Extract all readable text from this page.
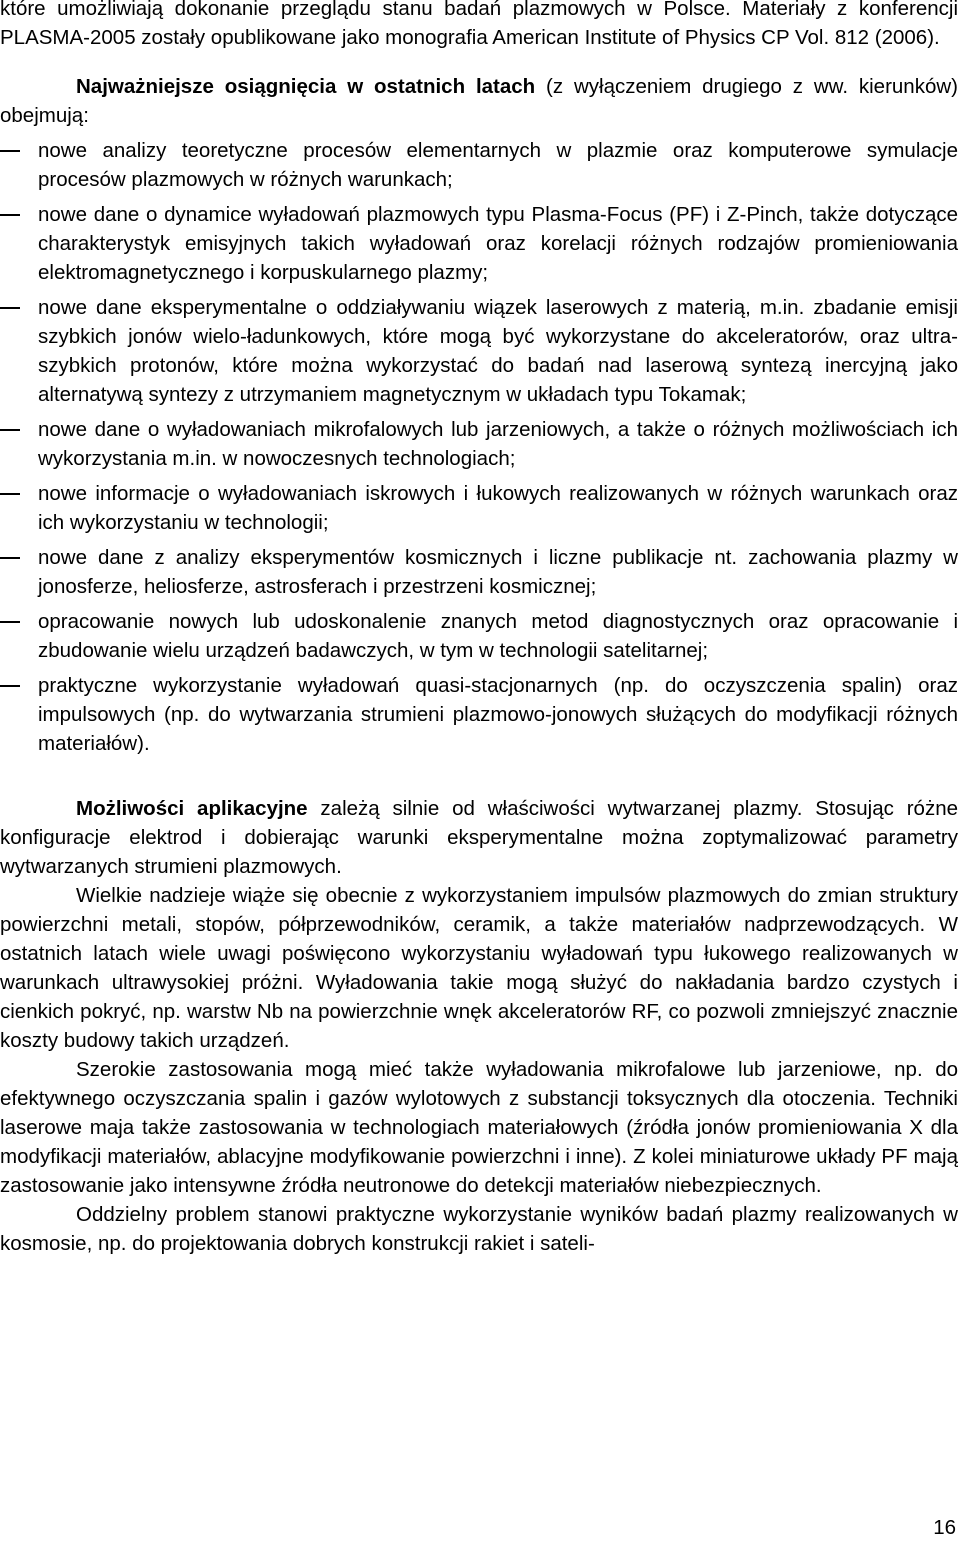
które umożliwiają dokonanie przeglądu stanu badań plazmowych w Polsce. Materiały z konferencji PLASMA-2005 zostały opublikowane jako monografia American Institute of Physics CP Vol. 812 (2006).

Najważniejsze osiągnięcia w ostatnich latach (z wyłączeniem drugiego z ww. kierunków) obejmują:

nowe analizy teoretyczne procesów elementarnych w plazmie oraz komputerowe symulacje procesów plazmowych w różnych warunkach;
nowe dane o dynamice wyładowań plazmowych typu Plasma-Focus (PF) i Z-Pinch, także dotyczące charakterystyk emisyjnych takich wyładowań oraz korelacji różnych rodzajów promieniowania elektromagnetycznego i korpuskularnego plazmy;
nowe dane eksperymentalne o oddziaływaniu wiązek laserowych z materią, m.in. zbadanie emisji szybkich jonów wielo-ładunkowych, które mogą być wykorzystane do akceleratorów, oraz ultra-szybkich protonów, które można wykorzystać do badań nad laserową syntezą inercyjną jako alternatywą syntezy z utrzymaniem magnetycznym w układach typu Tokamak;
nowe dane o wyładowaniach mikrofalowych lub jarzeniowych, a także o różnych możliwościach ich wykorzystania m.in. w nowoczesnych technologiach;
nowe informacje o wyładowaniach iskrowych i łukowych realizowanych w różnych warunkach oraz ich wykorzystaniu w technologii;
nowe dane z analizy eksperymentów kosmicznych i liczne publikacje nt. zachowania plazmy w jonosferze, heliosferze, astrosferach i przestrzeni kosmicznej;
opracowanie nowych lub udoskonalenie znanych metod diagnostycznych oraz opracowanie i zbudowanie wielu urządzeń badawczych, w tym w technologii satelitarnej;
praktyczne wykorzystanie wyładowań quasi-stacjonarnych (np. do oczyszczenia spalin) oraz impulsowych (np. do wytwarzania strumieni plazmowo-jonowych służących do modyfikacji różnych materiałów).

Możliwości aplikacyjne zależą silnie od właściwości wytwarzanej plazmy. Stosując różne konfiguracje elektrod i dobierając warunki eksperymentalne można zoptymalizować parametry wytwarzanych strumieni plazmowych.

Wielkie nadzieje wiąże się obecnie z wykorzystaniem impulsów plazmowych do zmian struktury powierzchni metali, stopów, półprzewodników, ceramik, a także materiałów nadprzewodzących. W ostatnich latach wiele uwagi poświęcono wykorzystaniu wyładowań typu łukowego realizowanych w warunkach ultrawysokiej próżni. Wyładowania takie mogą służyć do nakładania bardzo czystych i cienkich pokryć, np. warstw Nb na powierzchnie wnęk akceleratorów RF, co pozwoli zmniejszyć znacznie koszty budowy takich urządzeń.

Szerokie zastosowania mogą mieć także wyładowania mikrofalowe lub jarzeniowe, np. do efektywnego oczyszczania spalin i gazów wylotowych z substancji toksycznych dla otoczenia. Techniki laserowe maja także zastosowania w technologiach materiałowych (źródła jonów promieniowania X dla modyfikacji materiałów, ablacyjne modyfikowanie powierzchni i inne). Z kolei miniaturowe układy PF mają zastosowanie jako intensywne źródła neutronowe do detekcji materiałów niebezpiecznych.

Oddzielny problem stanowi praktyczne wykorzystanie wyników badań plazmy realizowanych w kosmosie, np. do projektowania dobrych konstrukcji rakiet i sateli-

16
